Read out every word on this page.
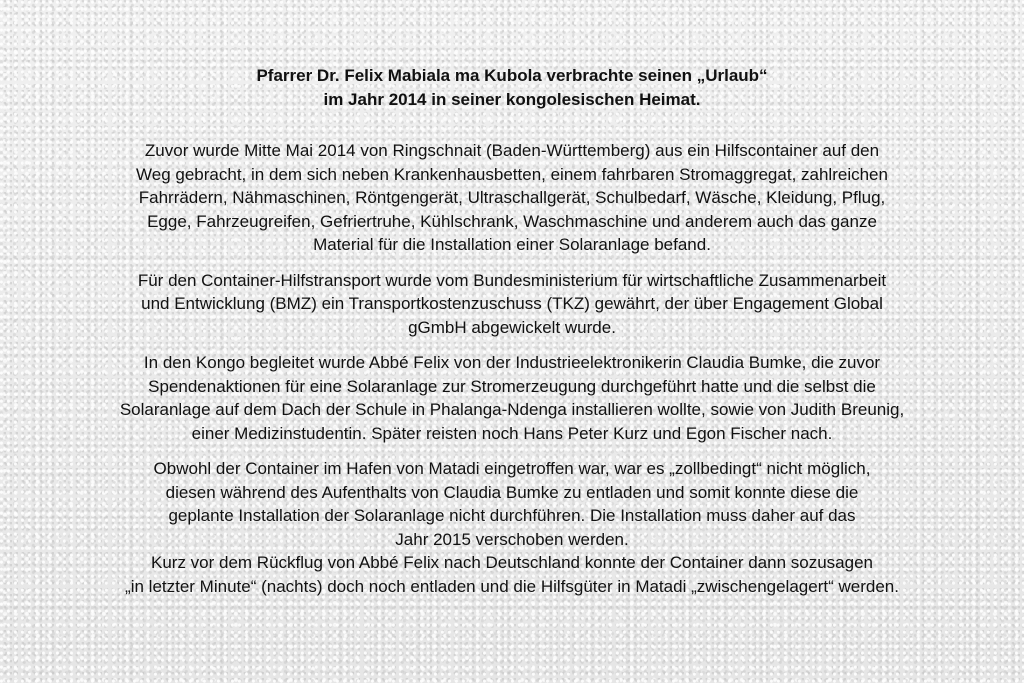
Pfarrer Dr. Felix Mabiala ma Kubola verbrachte seinen „Urlaub“
im Jahr 2014 in seiner kongolesischen Heimat.
Zuvor wurde Mitte Mai 2014 von Ringschnait (Baden-Württemberg) aus ein Hilfscontainer auf den
Weg gebracht, in dem sich neben Krankenhausbetten, einem fahrbaren Stromaggregat, zahlreichen
Fahrrädern, Nähmaschinen, Röntgengerät, Ultraschallgerät, Schulbedarf, Wäsche, Kleidung, Pflug,
Egge, Fahrzeugreifen, Gefriertruhe, Kühlschrank, Waschmaschine und anderem auch das ganze
Material für die Installation einer Solaranlage befand.
Für den Container-Hilfstransport wurde vom Bundesministerium für wirtschaftliche Zusammenarbeit
und Entwicklung (BMZ) ein Transportkostenzuschuss (TKZ) gewährt, der über Engagement Global
gGmbH abgewickelt wurde.
In den Kongo begleitet wurde Abbé Felix von der Industrieelektronikerin Claudia Bumke, die zuvor
Spendenaktionen für eine Solaranlage zur Stromerzeugung durchgeführt hatte und die selbst die
Solaranlage auf dem Dach der Schule in Phalanga-Ndenga installieren wollte, sowie von Judith Breunig,
einer Medizinstudentin. Später reisten noch Hans Peter Kurz und Egon Fischer nach.
Obwohl der Container im Hafen von Matadi eingetroffen war, war es „zollbedingt“ nicht möglich,
diesen während des Aufenthalts von Claudia Bumke zu entladen und somit konnte diese die
geplante Installation der Solaranlage nicht durchführen. Die Installation muss daher auf das
Jahr 2015 verschoben werden.
Kurz vor dem Rückflug von Abbé Felix nach Deutschland konnte der Container dann sozusagen
„in letzter Minute“ (nachts) doch noch entladen und die Hilfsgüter in Matadi „zwischengelagert“ werden.
